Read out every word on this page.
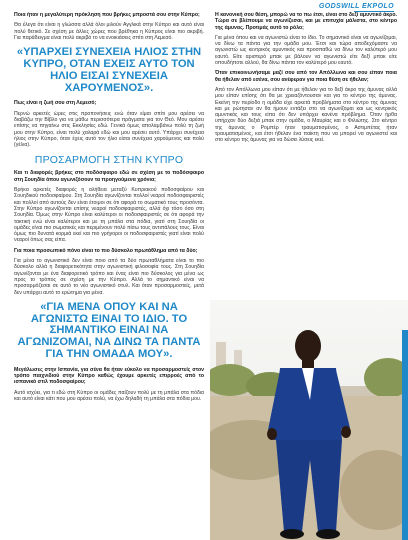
GODSWILL EKPOLO

Ποια ήταν η μεγαλύτερη πρόκληση που βρήκες μπροστά σου στην Κύπρο;

Θα έλεγα ότι είναι η γλώσσα αλλά όλοι μιλούν Αγγλικά στην Κύπρο και αυτό είναι πολύ θετικό. Σε σχέση με άλλες χώρες που βρέθηκα η Κύπρος είναι πιο ακριβή. Για παράδειγμα είναι πολύ ακριβό το να ενοικιάσεις σπίτι στη Λεμεσό.

«ΥΠΑΡΧΕΙ ΣΥΝΕΧΕΙΑ ΗΛΙΟΣ ΣΤΗΝ ΚΥΠΡΟ, ΟΤΑΝ ΕΧΕΙΣ ΑΥΤΟ ΤΟΝ ΗΛΙΟ ΕΙΣΑΙ ΣΥΝΕΧΕΙΑ ΧΑΡΟΥΜΕΝΟΣ».

Πως είναι η ζωή σου στη Λεμεσό;

Περνώ αρκετές ώρες στις προπονήσεις ενώ όταν είμαι σπίτι μου αρέσει να διαβάζω την Βίβλο για να μάθω περισσότερα πράγματα για τον Θεό. Μου αρέσει επίσης να πηγαίνω στις Εκκλησίες εδώ. Γενικά όμως απολαμβάνω πολύ τη ζωή μου στην Κύπρο, είναι πολύ χαλαρά εδώ και μου αρέσει αυτό. Υπάρχει συνέχεια ήλιος στην Κύπρο, όταν έχεις αυτό τον ήλιο είσαι συνέχεια χαρούμενος και πολύ (γέλια).

ΠΡΟΣΑΡΜΟΓΗ ΣΤΗΝ ΚΥΠΡΟ

Και τι διαφορές βρήκες στο ποδόσφαιρο εδώ σε σχέση με το ποδόσφαιρο στη Σουηδία όπου αγωνιζόσουν τα προηγούμενα χρόνια;

Βρήκα αρκετές διαφορές η αλήθεια μεταξύ Κυπριακού ποδοσφαίρου και Σουηδικού ποδοσφαίρου. Στη Σουηδία αγωνίζονται πολλοί νεαροί ποδοσφαιριστές και πολλοί από αυτούς δεν είναι έτοιμοι σε ότι αφορά το σωματικό τους προσόντα. Στην Κύπρο αγωνίζονται επίσης νεαροί ποδοσφαιριστές, αλλά όχι τόσο όσο στη Σουηδία. Όμως στην Κύπρο είναι καλύτεροι οι ποδοσφαιριστές σε ότι αφορά την τακτική ενώ είναι καλύτεροι και με τη μπάλα στα πόδια, γιατί στη Σουηδία οι ομάδες είναι πιο σωματικές και περιμένουν πολύ πίσω τους αντιπάλους τους. Είναι όμως πιο δυνατά κορμιά εκεί και πιο γρήγοροι οι ποδοσφαιριστές γιατί είναι πολύ νεαροί όπως σας είπα.

Για ποια προσωπικό πόνο είναι το πιο δύσκολο πρωτάθλημα από τα δύο;

Για μένα το αγωνιστικό δεν είναι ποιο από τα δύο πρωταθλήματα είναι το πιο δύσκολο αλλά η διαφορετικότητα στην αγωνιστική φιλοσοφία τους. Στη Σουηδία αγωνίζονται με ένα διαφορετικό τρόπο και ένας είναι πιο δύσκολος για μένα ως προς το τρόπος σε σχέση με την Κύπρο. Αλλά το σημαντικό είναι να προσαρμόζεσαι σε αυτό το νέο αγωνιστικό στυλ. Και όταν προσαρμοστείς, μετά δεν υπάρχει αυτό το ερώτημα για μένα.

«ΓΙΑ ΜΕΝΑ ΟΠΟΥ ΚΑΙ ΝΑ ΑΓΩΝΙΣΤΩ ΕΙΝΑΙ ΤΟ ΙΔΙΟ. ΤΟ ΣΗΜΑΝΤΙΚΟ ΕΙΝΑΙ ΝΑ ΑΓΩΝΙΖΟΜΑΙ, ΝΑ ΔΙΝΩ ΤΑ ΠΑΝΤΑ ΓΙΑ ΤΗΝ ΟΜΑΔΑ ΜΟΥ».

Μεγάλωσες στην Ισπανία, για σένα θα ήταν εύκολο να προσαρμοστείς στον τρόπο παιχνιδιού στην Κύπρο καθώς έχουμε αρκετές επιρροές από το ισπανικό στιλ ποδοσφαίρου;

Αυτό ισχύει, για τι εδώ στη Κύπρο οι ομάδες παίζουν πολύ με τη μπάλα στα πόδια και αυτό είναι κάτι που μου αρέσει πολύ, να έχω δηλαδή τη μπάλα στα πόδια μου.

Η κανονική σου θέση, μπορώ να το πω έτσι, είναι στο δεξί αμυντικό άκρο. Τώρα σε βλέπουμε να αγωνίζεσαι, και με επιτυχία μάλιστα, στο κέντρο της άμυνας. Προτιμάς αυτό το ρόλο;

Για μένα όπου και να αγωνιστώ είναι το ίδιο. Το σημαντικό είναι να αγωνίζομαι, να δίνω τα πάντα για την ομάδα μου. Έτσι και τώρα αποδεχόμαστε να αγωνιστώ ως κεντρικός αμυντικός και προσπαθώ να δίνω τον καλύτερό μου εαυτό. Είτε αριστερό μπακ με βάλουν να αγωνιστώ είτε δεξί μπακ είτε οπουδήποτε αλλού, θα δίνω πάντα τον καλύτερό μου εαυτό.

Όταν επικοινωνήσαμε μαζί σου από τον Απόλλωνα και σου είπαν ποια θα ήθελαν από εσένα, σου ανέφεραν για ποια θέση σε ήθελαν;

Από τον Απόλλωνα μου είπαν ότι με ήθελαν για το δεξί άκρο της άμυνας αλλά μου είπαν επίσης ότι θα με χρειαζόντουσαν και για το κέντρο της άμυνας. Εκείνη την περίοδο η ομάδα είχε αρκετά προβλήματα στο κέντρο της άμυνας και με ρώτησαν αν θα ήμουν εντάξει στο να αγωνίζομαι και ως κεντρικός αμυντικός και τους είπα ότι δεν υπάρχει κανένα πρόβλημα. Όταν ήρθα υπήρχαν δύο δεξιά μπακ στην ομάδα, ο Μαυρίας και ο Φιλιώτης. Στο κέντρο της άμυνας ο Ρομπέρ ήταν τραυματισμένος, ο Αστιμπέτας ήταν τραυματισμένος, και έτσι ήθελαν ένα παίκτη που να μπορεί να αγωνιστεί και στο κέντρο της άμυνας για να δώσει λύσεις εκεί.
